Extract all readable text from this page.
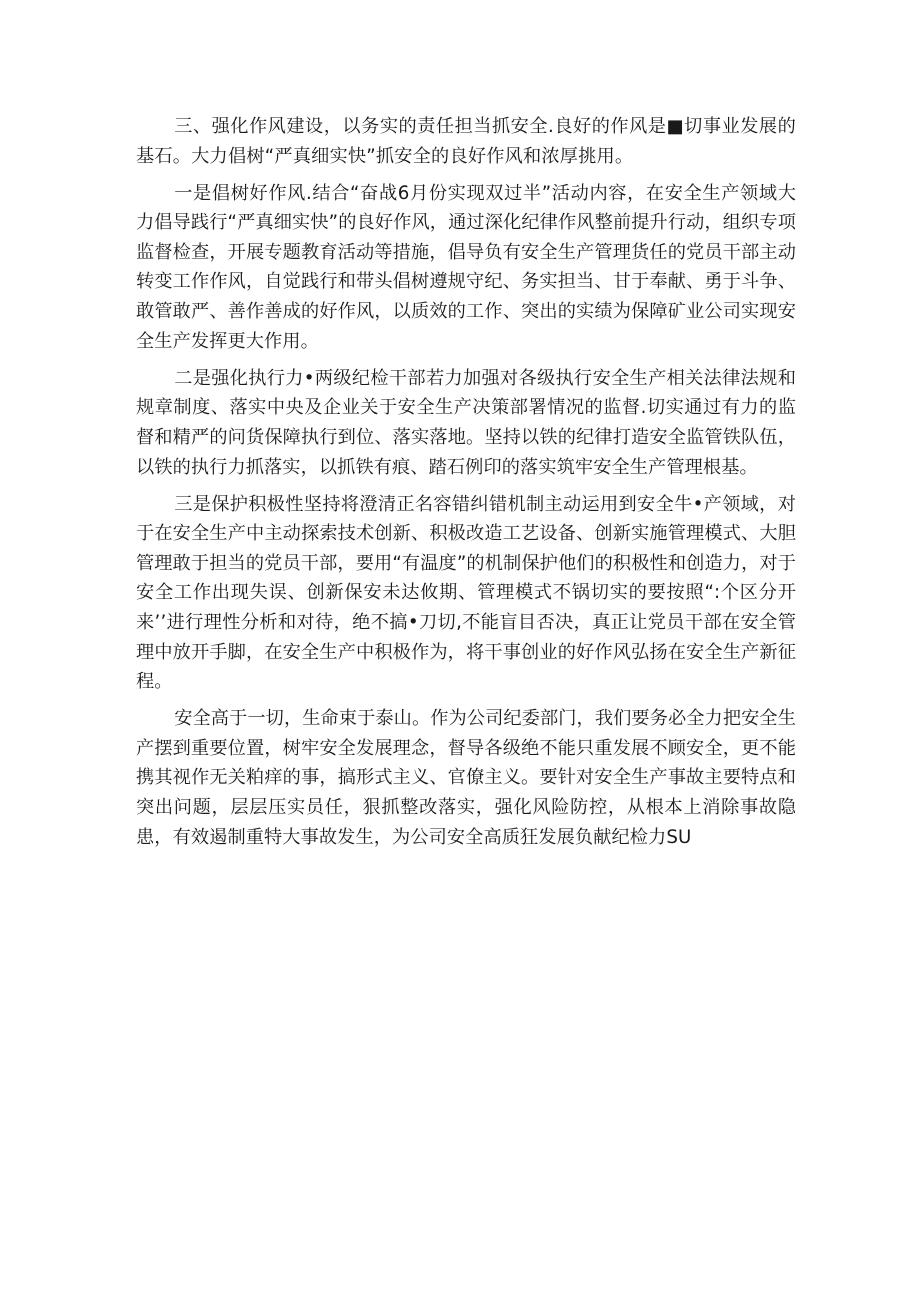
三、强化作风建设，以务实的责任担当抓安全.良好的作风是■切事业发展的基石。大力倡树“严真细实快”抓安全的良好作风和浓厚挑用。

一是倡树好作风.结合“奋战6月份实现双过半”活动内容，在安全生产领域大力倡导践行“严真细实快”的良好作风，通过深化纪律作风整前提升行动，组织专项监督检查，开展专题教育活动等措施，倡导负有安全生产管理货任的党员干部主动转变工作作风，自觉践行和带头倡树遵规守纪、务实担当、甘于奉献、勇于斗争、敢管敢严、善作善成的好作风，以质效的工作、突出的实绩为保障矿业公司实现安全生产发挥更大作用。

二是强化执行力•两级纪检干部若力加强对各级执行安全生产相关法律法规和规章制度、落实中央及企业关于安全生产决策部署情况的监督.切实通过有力的监督和精严的问货保障执行到位、落实落地。坚持以铁的纪律打造安全监管铁队伍，以铁的执行力抓落实，以抓铁有痕、踏石例印的落实筑牢安全生产管理根基。

三是保护积极性坚持将澄清正名容错纠错机制主动运用到安全牛•产领域，对于在安全生产中主动探索技术创新、积极改造工艺设备、创新实施管理模式、大胆管理敢于担当的党员干部，要用“有温度”的机制保护他们的积极性和创造力，对于安全工作出现失误、创新保安未达攸期、管理模式不锅切实的要按照“:个区分开来’’进行理性分析和对待，绝不搞•刀切,不能盲目否决，真正让党员干部在安全管理中放开手脚，在安全生产中积极作为，将干事创业的好作风弘扬在安全生产新征程。

安全高于一切，生命束于泰山。作为公司纪委部门，我们要务必全力把安全生产摆到重要位置，树牢安全发展理念，督导各级绝不能只重发展不顾安全，更不能携其视作无关粕痒的事，搞形式主义、官僚主义。要针对安全生产事故主要特点和突出问题，层层压实员任，狠抓整改落实，强化风险防控，从根本上消除事故隐患，有效遏制重特大事故发生，为公司安全高质狂发展负献纪检力SU
